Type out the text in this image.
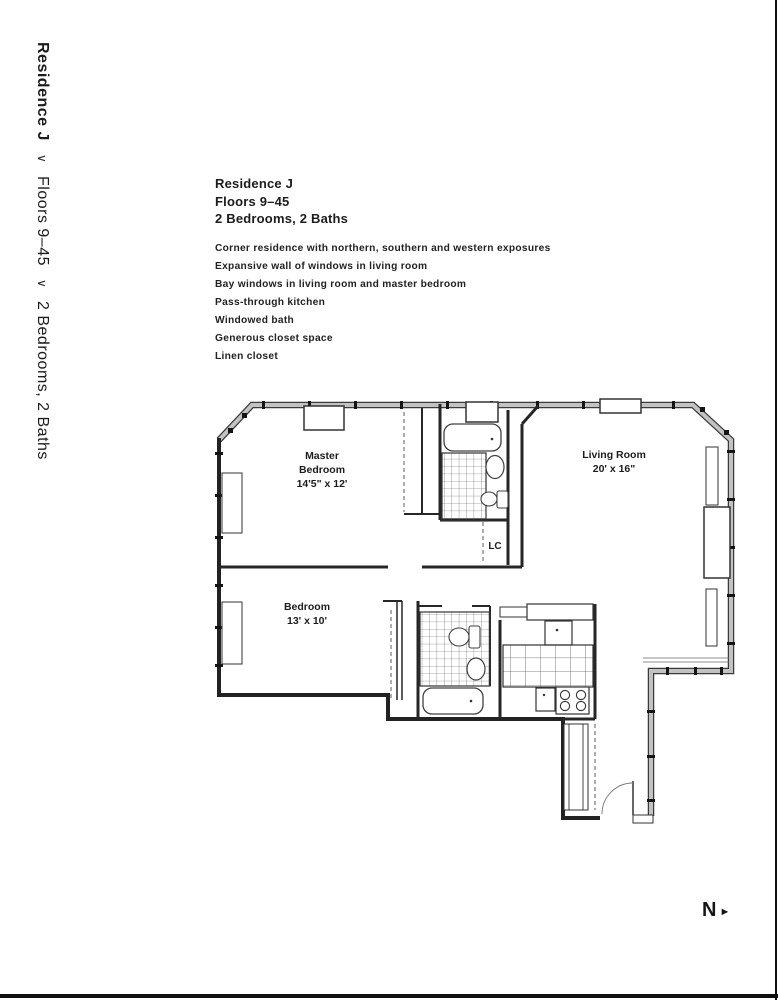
Residence J
∨
Floors 9–45
∨
2 Bedrooms, 2 Baths
Residence J
Floors 9–45
2 Bedrooms, 2 Baths
Corner residence with northern, southern and western exposures
Expansive wall of windows in living room
Bay windows in living room and master bedroom
Pass-through kitchen
Windowed bath
Generous closet space
Linen closet
Master
Bedroom
14'5" x 12'
Living Room
20' x 16"
Bedroom
13' x 10'
LC
N ►
